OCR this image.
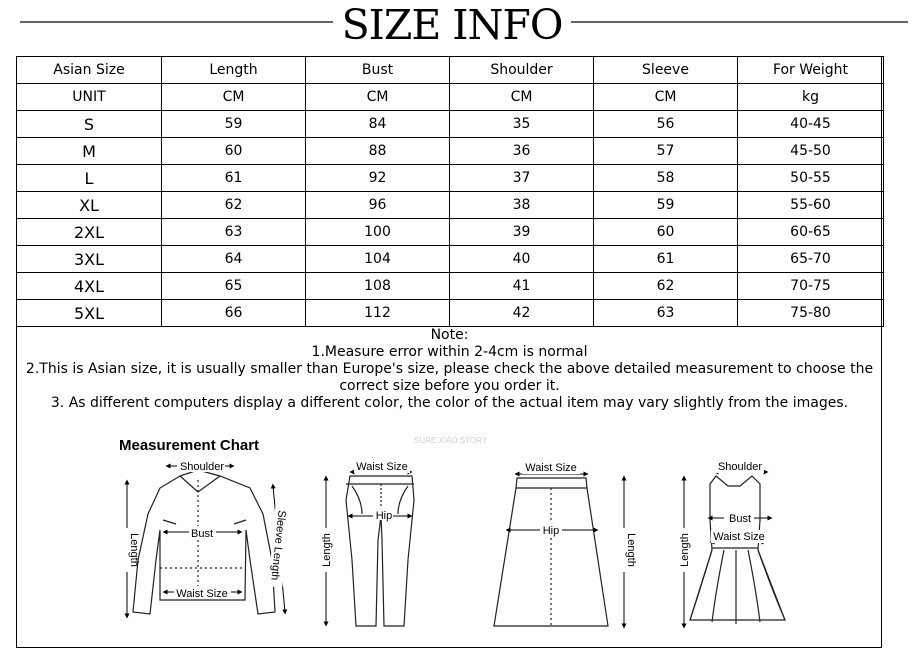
SIZE INFO
Asian Size	Length	Bust	Shoulder	Sleeve	For Weight
UNIT	CM	CM	CM	CM	kg
S	59	84	35	56	40-45
M	60	88	36	57	45-50
L	61	92	37	58	50-55
XL	62	96	38	59	55-60
2XL	63	100	39	60	60-65
3XL	64	104	40	61	65-70
4XL	65	108	41	62	70-75
5XL	66	112	42	63	75-80
Note:
1.Measure error within 2-4cm is normal
2.This is Asian size, it is usually smaller than Europe's size, please check the above detailed measurement to choose the correct size before you order it.
3. As different computers display a different color, the color of the actual item may vary slightly from the images.
Measurement Chart	SURE XIAO STORY
Shoulder
Bust
Waist Size
Length	Sleeve Length
Waist Size
Hip
Length
Waist Size
Hip
Length
Shoulder
Bust
Waist Size
Length
